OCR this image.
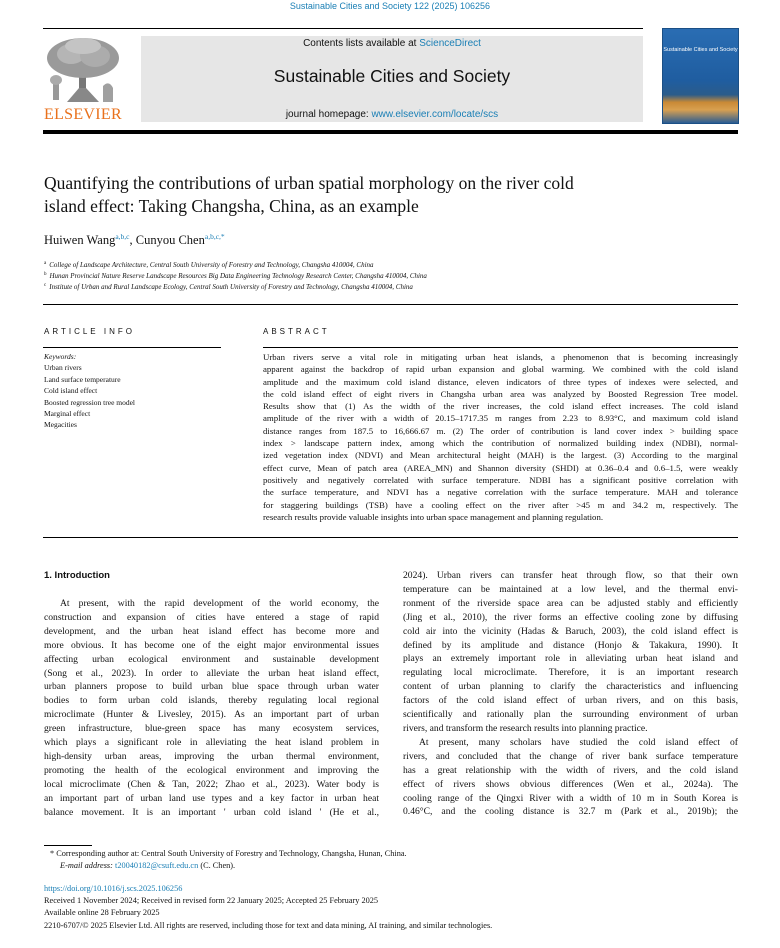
Sustainable Cities and Society 122 (2025) 106256
ELSEVIER
Contents lists available at ScienceDirect
Sustainable Cities and Society
journal homepage: www.elsevier.com/locate/scs
Sustainable Cities and Society
Quantifying the contributions of urban spatial morphology on the river cold
island effect: Taking Changsha, China, as an example
Huiwen Wang$^{a,b,c}$, Cunyou Chen$^{a,b,c,*}$
$^a$ College of Landscape Architecture, Central South University of Forestry and Technology, Changsha 410004, China
$^b$ Hunan Provincial Nature Reserve Landscape Resources Big Data Engineering Technology Research Center, Changsha 410004, China
$^c$ Institute of Urban and Rural Landscape Ecology, Central South University of Forestry and Technology, Changsha 410004, China
ARTICLE INFO
Keywords:
Urban rivers
Land surface temperature
Cold island effect
Boosted regression tree model
Marginal effect
Megacities
ABSTRACT
Urban rivers serve a vital role in mitigating urban heat islands, a phenomenon that is becoming increasingly
apparent against the backdrop of rapid urban expansion and global warming. We combined with the cold island
amplitude and the maximum cold island distance, eleven indicators of three types of indexes were selected, and
the cold island effect of eight rivers in Changsha urban area was analyzed by Boosted Regression Tree model.
Results show that (1) As the width of the river increases, the cold island effect increases. The cold island
amplitude of the river with a width of 20.15–1717.35 m ranges from 2.23 to 8.93°C, and maximum cold island
distance ranges from 187.5 to 16,666.67 m. (2) The order of contribution is land cover index > building space
index > landscape pattern index, among which the contribution of normalized building index (NDBI), normal-
ized vegetation index (NDVI) and Mean architectural height (MAH) is the largest. (3) According to the marginal
effect curve, Mean of patch area (AREA_MN) and Shannon diversity (SHDI) at 0.36–0.4 and 0.6–1.5, were weakly
positively and negatively correlated with surface temperature. NDBI has a significant positive correlation with
the surface temperature, and NDVI has a negative correlation with the surface temperature. MAH and tolerance
for staggering buildings (TSB) have a cooling effect on the river after >45 m and 34.2 m, respectively. The
research results provide valuable insights into urban space management and planning regulation.
1. Introduction
At present, with the rapid development of the world economy, the
construction and expansion of cities have entered a stage of rapid
development, and the urban heat island effect has become more and
more obvious. It has become one of the eight major environmental issues
affecting urban ecological environment and sustainable development
(Song et al., 2023). In order to alleviate the urban heat island effect,
urban planners propose to build urban blue space through urban water
bodies to form urban cold islands, thereby regulating local regional
microclimate (Hunter & Livesley, 2015). As an important part of urban
green infrastructure, blue-green space has many ecosystem services,
which plays a significant role in alleviating the heat island problem in
high-density urban areas, improving the urban thermal environment,
promoting the health of the ecological environment and improving the
local microclimate (Chen & Tan, 2022; Zhao et al., 2023). Water body is
an important part of urban land use types and a key factor in urban heat
balance movement. It is an important ' urban cold island ' (He et al.,
2024). Urban rivers can transfer heat through flow, so that their own
temperature can be maintained at a low level, and the thermal envi-
ronment of the riverside space area can be adjusted stably and efficiently
(Jing et al., 2010), the river forms an effective cooling zone by diffusing
cold air into the vicinity (Hadas & Baruch, 2003), the cold island effect is
defined by its amplitude and distance (Honjo & Takakura, 1990). It
plays an extremely important role in alleviating urban heat island and
regulating local microclimate. Therefore, it is an important research
content of urban planning to clarify the characteristics and influencing
factors of the cold island effect of urban rivers, and on this basis,
scientifically and rationally plan the surrounding environment of urban
rivers, and transform the research results into planning practice.
At present, many scholars have studied the cold island effect of
rivers, and concluded that the change of river bank surface temperature
has a great relationship with the width of rivers, and the cold island
effect of rivers shows obvious differences (Wen et al., 2024a). The
cooling range of the Qingxi River with a width of 10 m in South Korea is
0.46°C, and the cooling distance is 32.7 m (Park et al., 2019b); the
* Corresponding author at: Central South University of Forestry and Technology, Changsha, Hunan, China.
E-mail address: t20040182@csuft.edu.cn (C. Chen).
https://doi.org/10.1016/j.scs.2025.106256
Received 1 November 2024; Received in revised form 22 January 2025; Accepted 25 February 2025
Available online 28 February 2025
2210-6707/© 2025 Elsevier Ltd. All rights are reserved, including those for text and data mining, AI training, and similar technologies.
